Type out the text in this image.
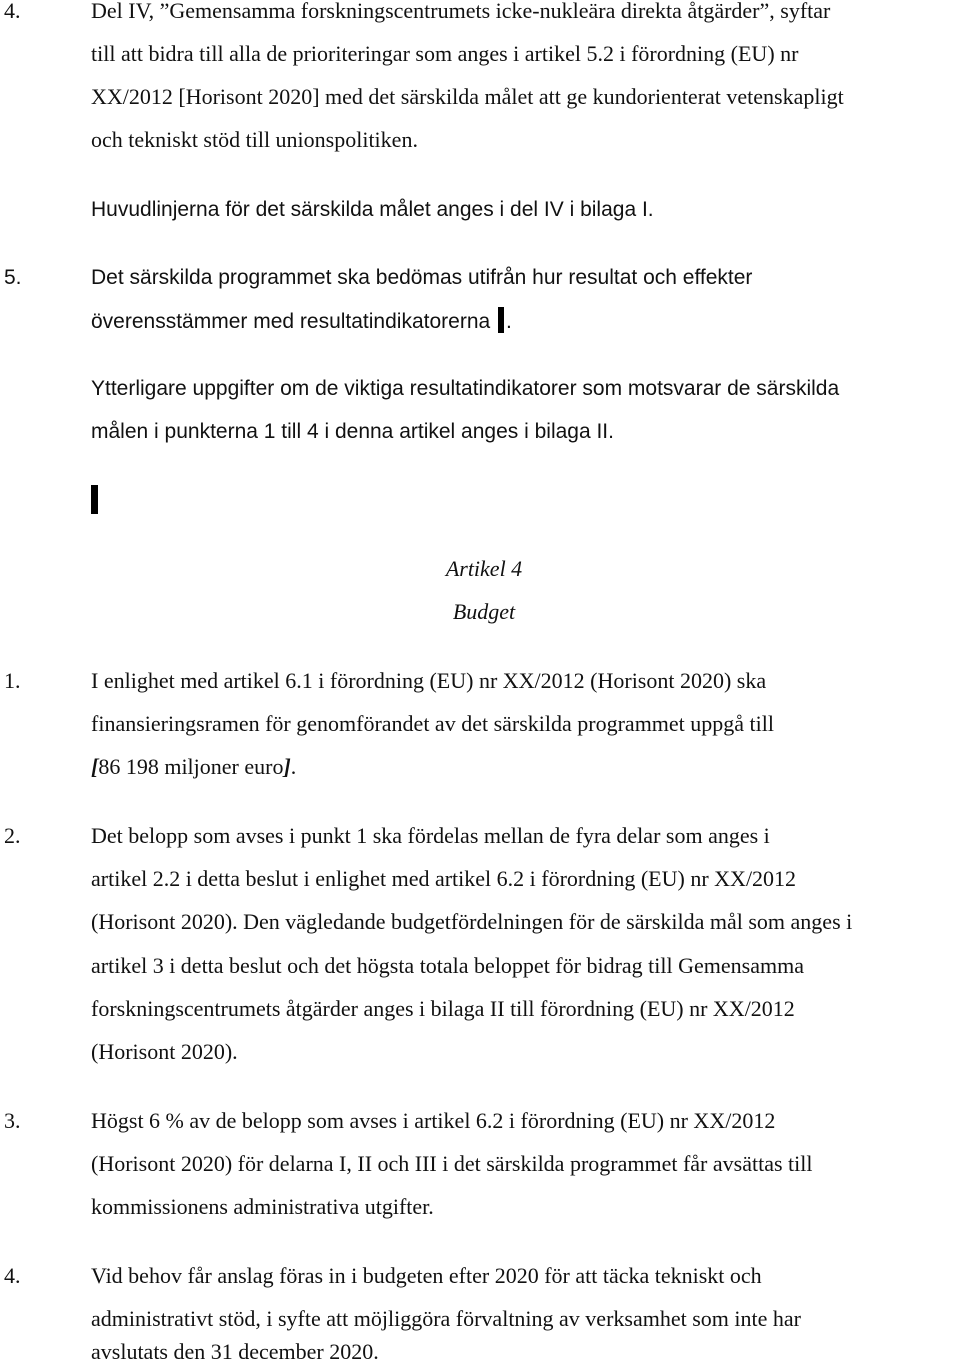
4.	Del IV, ”Gemensamma forskningscentrumets icke-nukleära direkta åtgärder”, syftar
till att bidra till alla de prioriteringar som anges i artikel 5.2 i förordning (EU) nr
XX/2012 [Horisont 2020] med det särskilda målet att ge kundorienterat vetenskapligt
och tekniskt stöd till unionspolitiken.
Huvudlinjerna för det särskilda målet anges i del IV i bilaga I.
5.	Det särskilda programmet ska bedömas utifrån hur resultat och effekter
överensstämmer med resultatindikatorerna .
Ytterligare uppgifter om de viktiga resultatindikatorer som motsvarar de särskilda
målen i punkterna 1 till 4 i denna artikel anges i bilaga II.
Artikel 4
Budget
1.	I enlighet med artikel 6.1 i förordning (EU) nr XX/2012 (Horisont 2020) ska
finansieringsramen för genomförandet av det särskilda programmet uppgå till
[86 198 miljoner euro].
2.	Det belopp som avses i punkt 1 ska fördelas mellan de fyra delar som anges i
artikel 2.2 i detta beslut i enlighet med artikel 6.2 i förordning (EU) nr XX/2012
(Horisont 2020). Den vägledande budgetfördelningen för de särskilda mål som anges i
artikel 3 i detta beslut och det högsta totala beloppet för bidrag till Gemensamma
forskningscentrumets åtgärder anges i bilaga II till förordning (EU) nr XX/2012
(Horisont 2020).
3.	Högst 6 % av de belopp som avses i artikel 6.2 i förordning (EU) nr XX/2012
(Horisont 2020) för delarna I, II och III i det särskilda programmet får avsättas till
kommissionens administrativa utgifter.
4.	Vid behov får anslag föras in i budgeten efter 2020 för att täcka tekniskt och
administrativt stöd, i syfte att möjliggöra förvaltning av verksamhet som inte har
avslutats den 31 december 2020.
